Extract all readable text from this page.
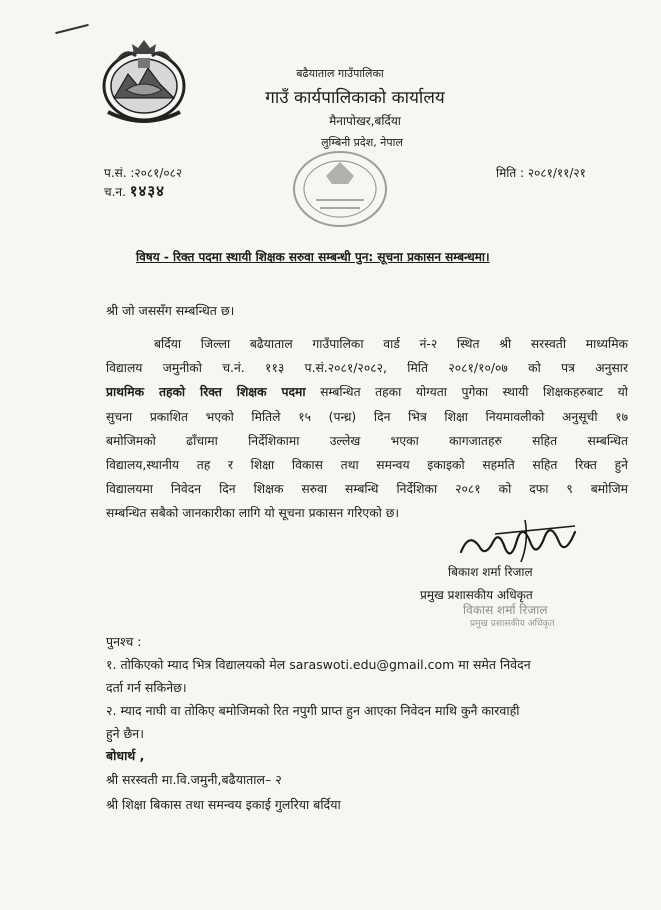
बढैयाताल गाउँपालिका
गाउँ कार्यपालिकाको कार्यालय
मैनापोखर,बर्दिया
लुम्बिनी प्रदेश, नेपाल
प.सं. :२०८१/०८२
च.न. १४३४
मिति : २०८१/११/२१
विषय - रिक्त पदमा स्थायी शिक्षक सरुवा सम्बन्धी पुन: सूचना प्रकासन सम्बन्धमा।
श्री जो जससँग सम्बन्धित छ।
बर्दिया जिल्ला बढैयाताल गाउँपालिका वार्ड नं-२ स्थित श्री सरस्वती माध्यमिक
विद्यालय जमुनीको च.नं. ११३ प.सं.२०८१/२०८२, मिति २०८१/१०/०७ को पत्र अनुसार
प्राथमिक तहको रिक्त शिक्षक पदमा सम्बन्धित तहका योग्यता पुगेका स्थायी शिक्षकहरुबाट यो
सुचना प्रकाशित भएको मितिले १५ (पन्ध्र) दिन भित्र शिक्षा नियमावलीको अनुसूची १७
बमोजिमको ढाँचामा निर्देशिकामा उल्लेख भएका कागजातहरु सहित सम्बन्धित
विद्यालय,स्थानीय तह र शिक्षा विकास तथा समन्वय इकाइको सहमति सहित रिक्त हुने
विद्यालयमा निवेदन दिन शिक्षक सरुवा सम्बन्धि निर्देशिका २०८१ को दफा ९ बमोजिम
सम्बन्धित सबैको जानकारीका लागि यो सूचना प्रकासन गरिएको छ।
बिकाश शर्मा रिजाल
प्रमुख प्रशासकीय अधिकृत
विकास शर्मा रिजाल
प्रमुख प्रशासकीय अधिकृत
पुनश्च :
१. तोकिएको म्याद भित्र विद्यालयको मेल saraswoti.edu@gmail.com मा समेत निवेदन
दर्ता गर्न सकिनेछ।
२. म्याद नाघी वा तोकिए बमोजिमको रित नपुगी प्राप्त हुन आएका निवेदन माथि कुनै कारवाही
हुने छैन।
बोधार्थ ,
श्री सरस्वती मा.वि.जमुनी,बढैयाताल– २
श्री शिक्षा बिकास तथा समन्वय इकाई गुलरिया बर्दिया
